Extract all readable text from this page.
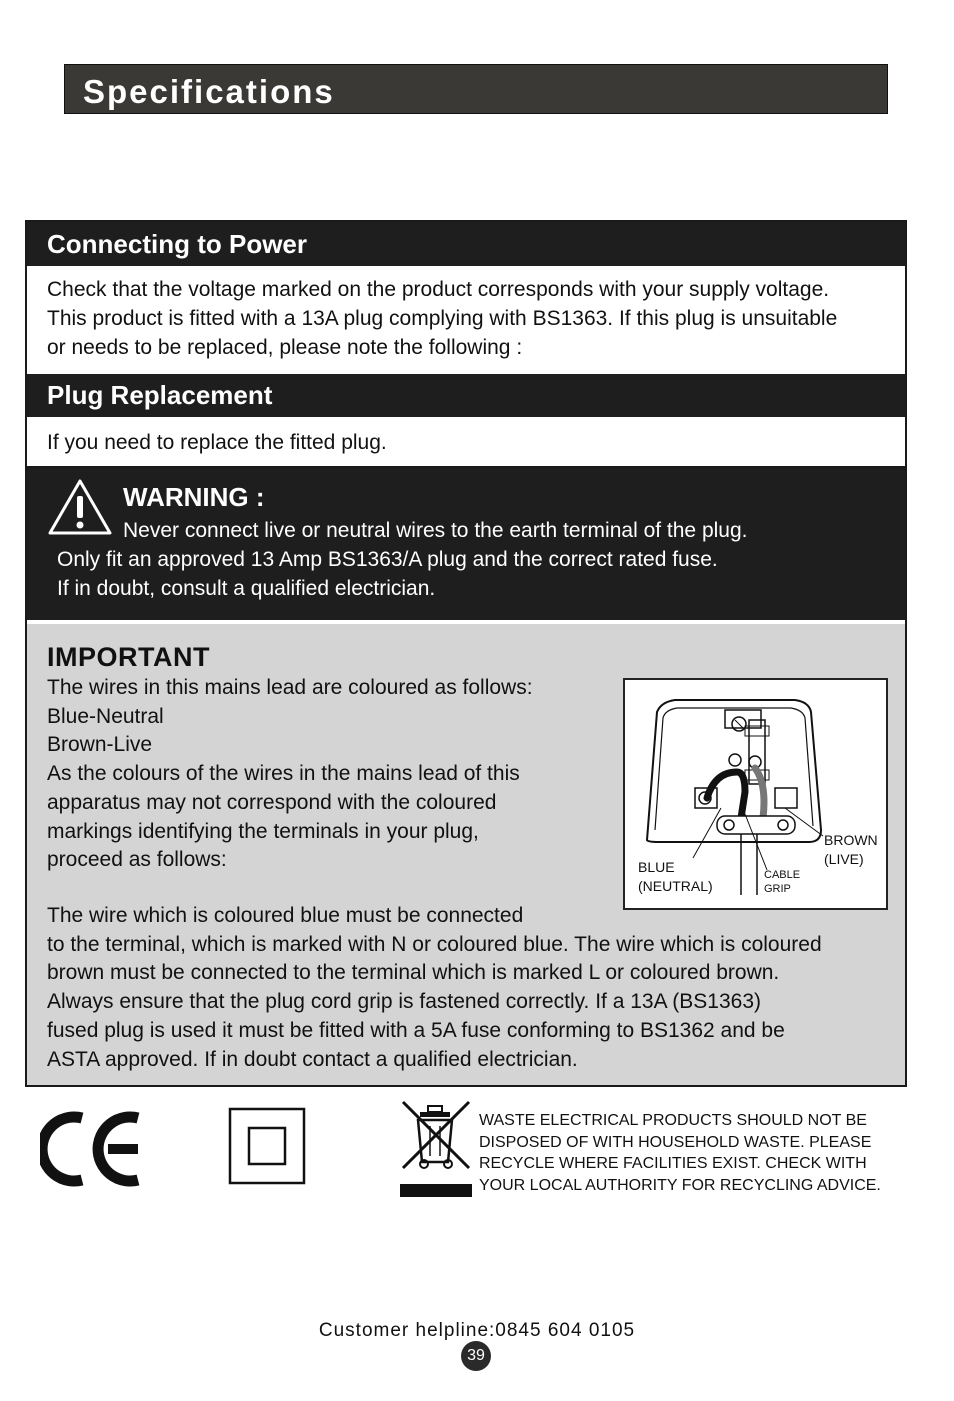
Specifications
Connecting to Power
Check that the voltage marked on the product corresponds with your supply voltage.
This product is fitted with a 13A plug complying with BS1363. If this plug is unsuitable
or needs to be replaced, please note the following :
Plug Replacement
If you need to replace the fitted plug.
WARNING :
Never connect live or neutral wires to the earth terminal of the plug.
Only fit an approved 13 Amp BS1363/A plug and the correct rated fuse.
If in doubt, consult a qualified electrician.
IMPORTANT
The wires in this mains lead are coloured as follows:
Blue-Neutral
Brown-Live
As the colours of the wires in the mains lead of this
apparatus may not correspond with the coloured
markings identifying the terminals in your plug,
proceed as follows:
BROWN
(LIVE)
BLUE
(NEUTRAL)
CABLE
GRIP
The wire which is coloured blue must be connected
to the terminal, which is marked with N or coloured blue. The wire which is coloured
brown must be connected to the terminal which is marked L or coloured brown.
Always ensure that the plug cord grip is fastened correctly. If a 13A (BS1363)
fused plug is used it must be fitted with a 5A fuse conforming to BS1362 and be
ASTA approved. If in doubt contact a qualified electrician.
WASTE ELECTRICAL PRODUCTS SHOULD NOT BE
DISPOSED OF WITH HOUSEHOLD WASTE. PLEASE
RECYCLE WHERE FACILITIES EXIST. CHECK WITH
YOUR LOCAL AUTHORITY FOR RECYCLING ADVICE.
Customer helpline:0845 604 0105
39
